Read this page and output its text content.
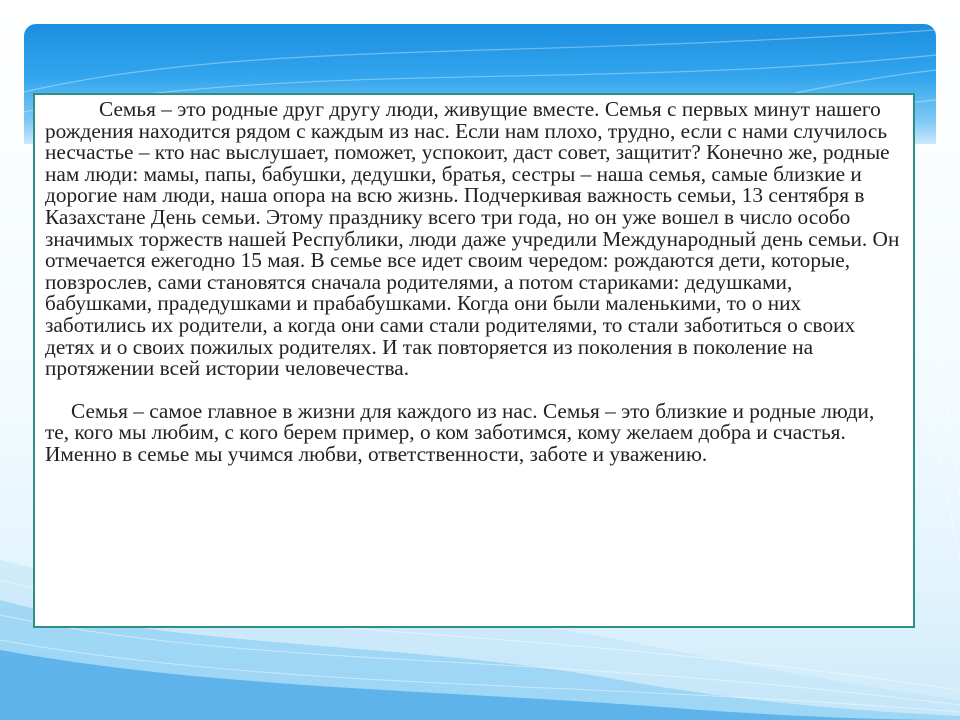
Семья – это родные друг другу люди, живущие вместе. Семья с первых минут нашего рождения находится рядом с каждым из нас. Если нам плохо, трудно, если с нами случилось несчастье – кто нас выслушает, поможет, успокоит, даст совет, защитит? Конечно же, родные нам люди: мамы, папы, бабушки, дедушки, братья, сестры – наша семья, самые близкие и дорогие нам люди, наша опора на всю жизнь. Подчеркивая важность семьи, 13 сентября в Казахстане День семьи. Этому празднику всего три года, но он уже вошел в число особо значимых торжеств нашей Республики, люди даже учредили Международный день семьи. Он отмечается ежегодно 15 мая. В семье все идет своим чередом: рождаются дети, которые, повзрослев, сами становятся сначала родителями, а потом стариками: дедушками, бабушками, прадедушками и прабабушками. Когда они были маленькими, то о них заботились их родители, а когда они сами стали родителями, то стали заботиться о своих детях и о своих пожилых родителях. И так повторяется из поколения в поколение на протяжении всей истории человечества.

Семья – самое главное в жизни для каждого из нас. Семья – это близкие и родные люди, те, кого мы любим, с кого берем пример, о ком заботимся, кому желаем добра и счастья. Именно в семье мы учимся любви, ответственности, заботе и уважению.
